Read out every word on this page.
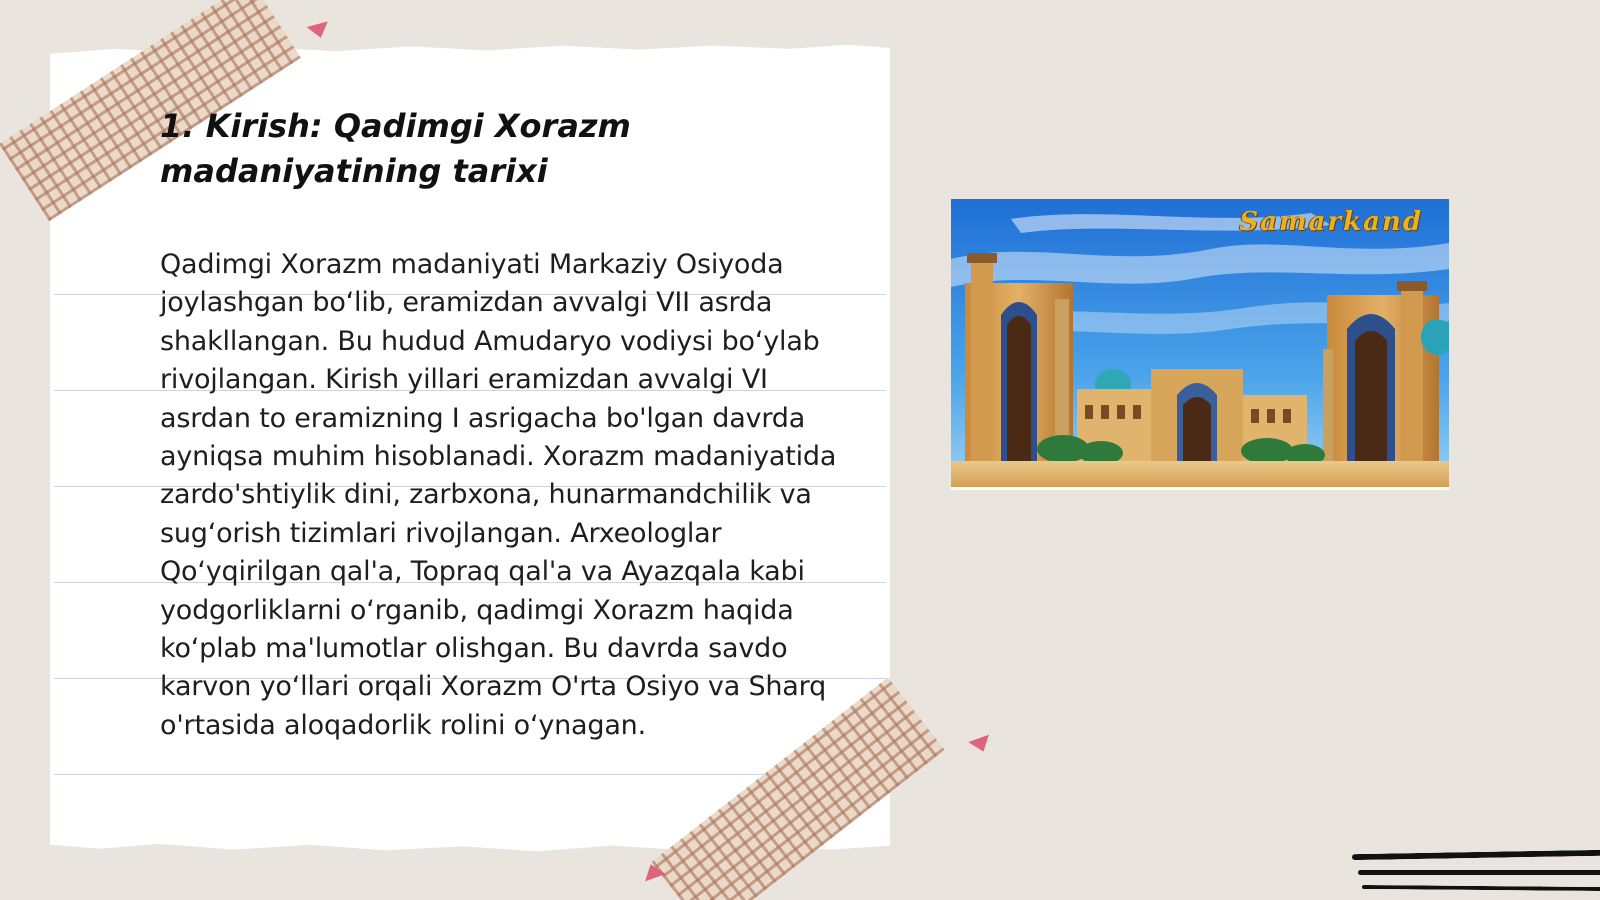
1. Kirish: Qadimgi Xorazm madaniyatining tarixi

Qadimgi Xorazm madaniyati Markaziy Osiyoda joylashgan bo‘lib, eramizdan avvalgi VII asrda shakllangan. Bu hudud Amudaryo vodiysi bo‘ylab rivojlangan. Kirish yillari eramizdan avvalgi VI asrdan to eramizning I asrigacha bo'lgan davrda ayniqsa muhim hisoblanadi. Xorazm madaniyatida zardo'shtiylik dini, zarbxona, hunarmandchilik va sug‘orish tizimlari rivojlangan. Arxeologlar Qo‘yqirilgan qal'a, Topraq qal'a va Ayazqala kabi yodgorliklarni o‘rganib, qadimgi Xorazm haqida ko‘plab ma'lumotlar olishgan. Bu davrda savdo karvon yo‘llari orqali Xorazm O'rta Osiyo va Sharq o'rtasida aloqadorlik rolini o‘ynagan.

Samarkand
